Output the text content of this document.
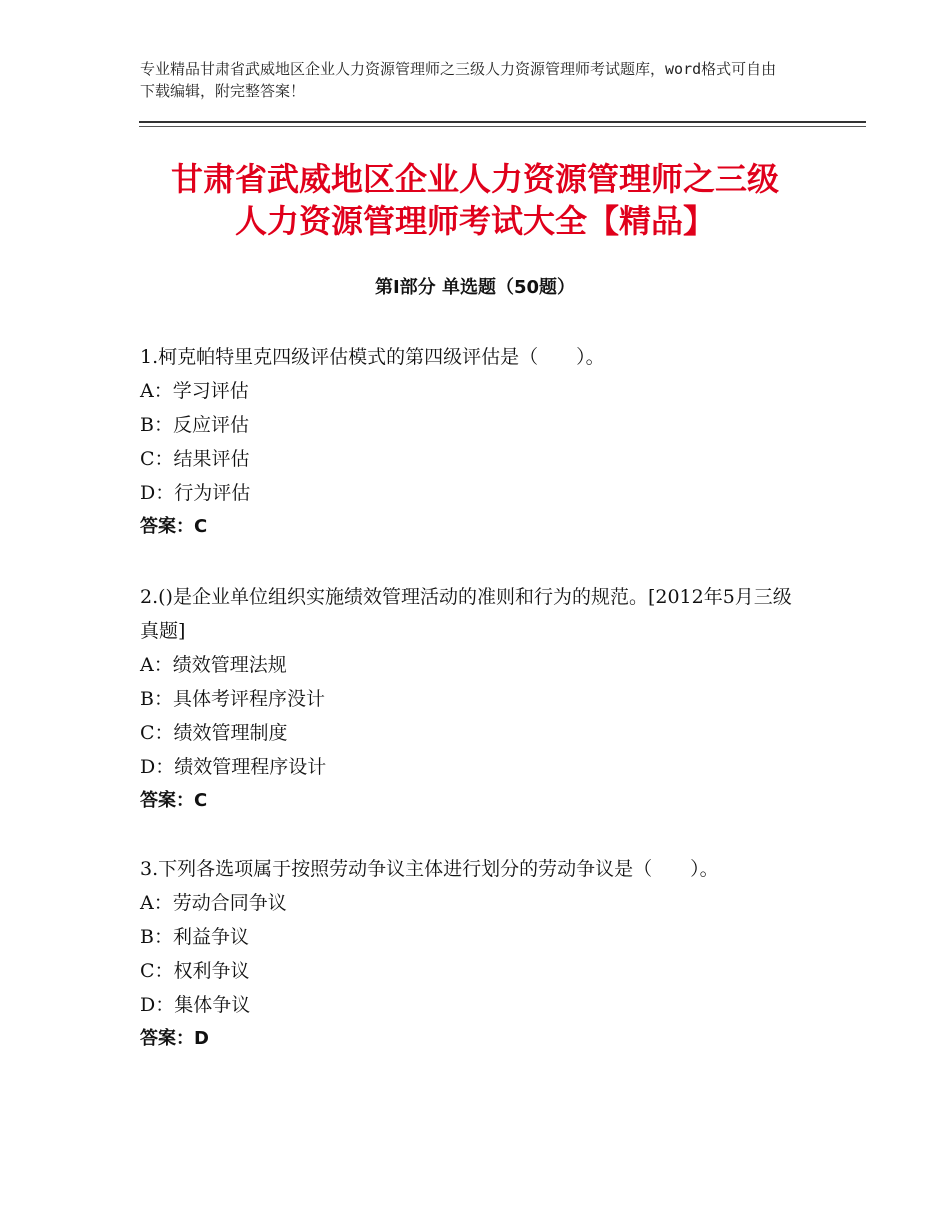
专业精品甘肃省武威地区企业人力资源管理师之三级人力资源管理师考试题库，word格式可自由下载编辑，附完整答案！
甘肃省武威地区企业人力资源管理师之三级
人力资源管理师考试大全【精品】
第Ⅰ部分 单选题（50题）

1.柯克帕特里克四级评估模式的第四级评估是（　　）。

A：学习评估

B：反应评估

C：结果评估

D：行为评估

答案：C

2.()是企业单位组织实施绩效管理活动的准则和行为的规范。[2012年5月三级真题]

A：绩效管理法规

B：具体考评程序没计

C：绩效管理制度

D：绩效管理程序设计

答案：C

3.下列各选项属于按照劳动争议主体进行划分的劳动争议是（　　）。

A：劳动合同争议

B：利益争议

C：权利争议

D：集体争议

答案：D
